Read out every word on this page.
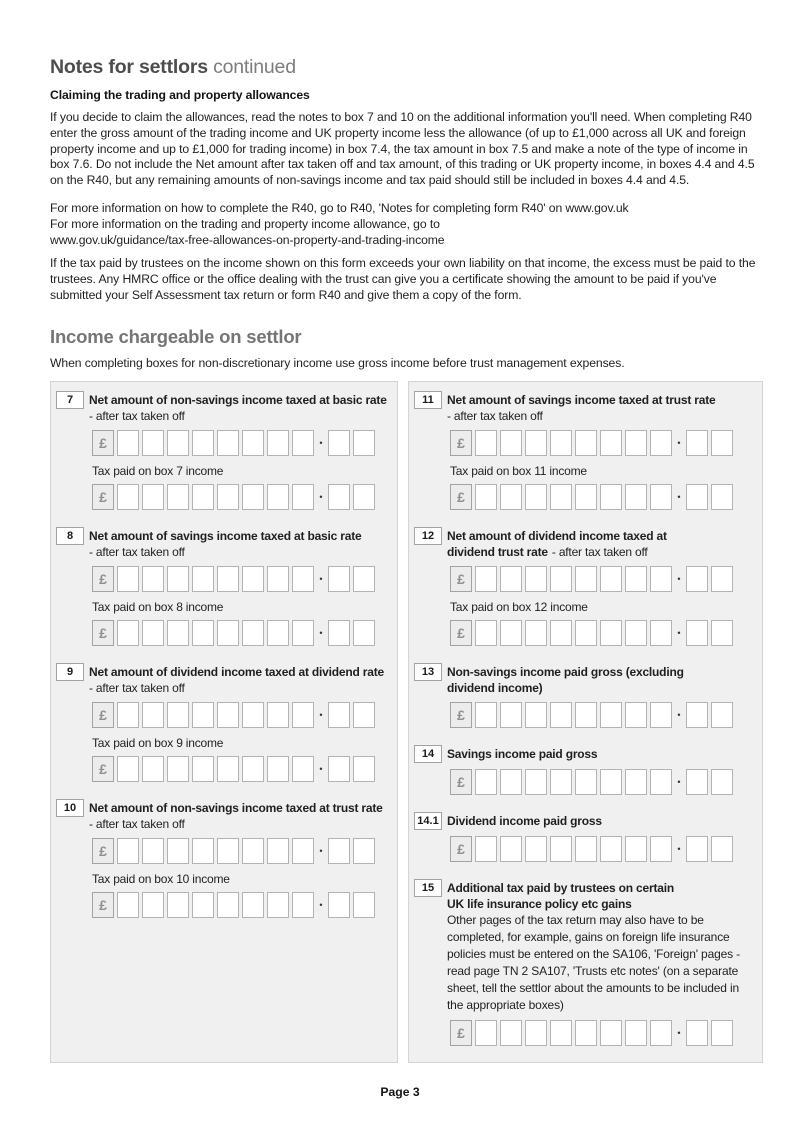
Notes for settlors continued
Claiming the trading and property allowances

If you decide to claim the allowances, read the notes to box 7 and 10 on the additional information you'll need. When completing R40 enter the gross amount of the trading income and UK property income less the allowance (of up to £1,000 across all UK and foreign property income and up to £1,000 for trading income) in box 7.4, the tax amount in box 7.5 and make a note of the type of income in box 7.6. Do not include the Net amount after tax taken off and tax amount, of this trading or UK property income, in boxes 4.4 and 4.5 on the R40, but any remaining amounts of non-savings income and tax paid should still be included in boxes 4.4 and 4.5.

For more information on how to complete the R40, go to R40, 'Notes for completing form R40' on www.gov.uk
For more information on the trading and property income allowance, go to
www.gov.uk/guidance/tax-free-allowances-on-property-and-trading-income

If the tax paid by trustees on the income shown on this form exceeds your own liability on that income, the excess must be paid to the trustees. Any HMRC office or the office dealing with the trust can give you a certificate showing the amount to be paid if you've submitted your Self Assessment tax return or form R40 and give them a copy of the form.

Income chargeable on settlor

When completing boxes for non-discretionary income use gross income before trust management expenses.

7	Net amount of non-savings income taxed at basic rate
- after tax taken off
£	•
Tax paid on box 7 income
£	•
8	Net amount of savings income taxed at basic rate
- after tax taken off
£	•
Tax paid on box 8 income
£	•
9	Net amount of dividend income taxed at dividend rate
- after tax taken off
£	•
Tax paid on box 9 income
£	•
10	Net amount of non-savings income taxed at trust rate
- after tax taken off
£	•
Tax paid on box 10 income
£	•
11	Net amount of savings income taxed at trust rate
- after tax taken off
£	•
Tax paid on box 11 income
£	•
12	Net amount of dividend income taxed at
dividend trust rate - after tax taken off
£	•
Tax paid on box 12 income
£	•
13	Non-savings income paid gross (excluding
dividend income)
£	•
14	Savings income paid gross
£	•
14.1 Dividend income paid gross
£	•
15	Additional tax paid by trustees on certain
UK life insurance policy etc gains
Other pages of the tax return may also have to be completed, for example, gains on foreign life insurance policies must be entered on the SA106, 'Foreign' pages - read page TN 2 SA107, 'Trusts etc notes' (on a separate sheet, tell the settlor about the amounts to be included in the appropriate boxes)
£	•
Page 3
